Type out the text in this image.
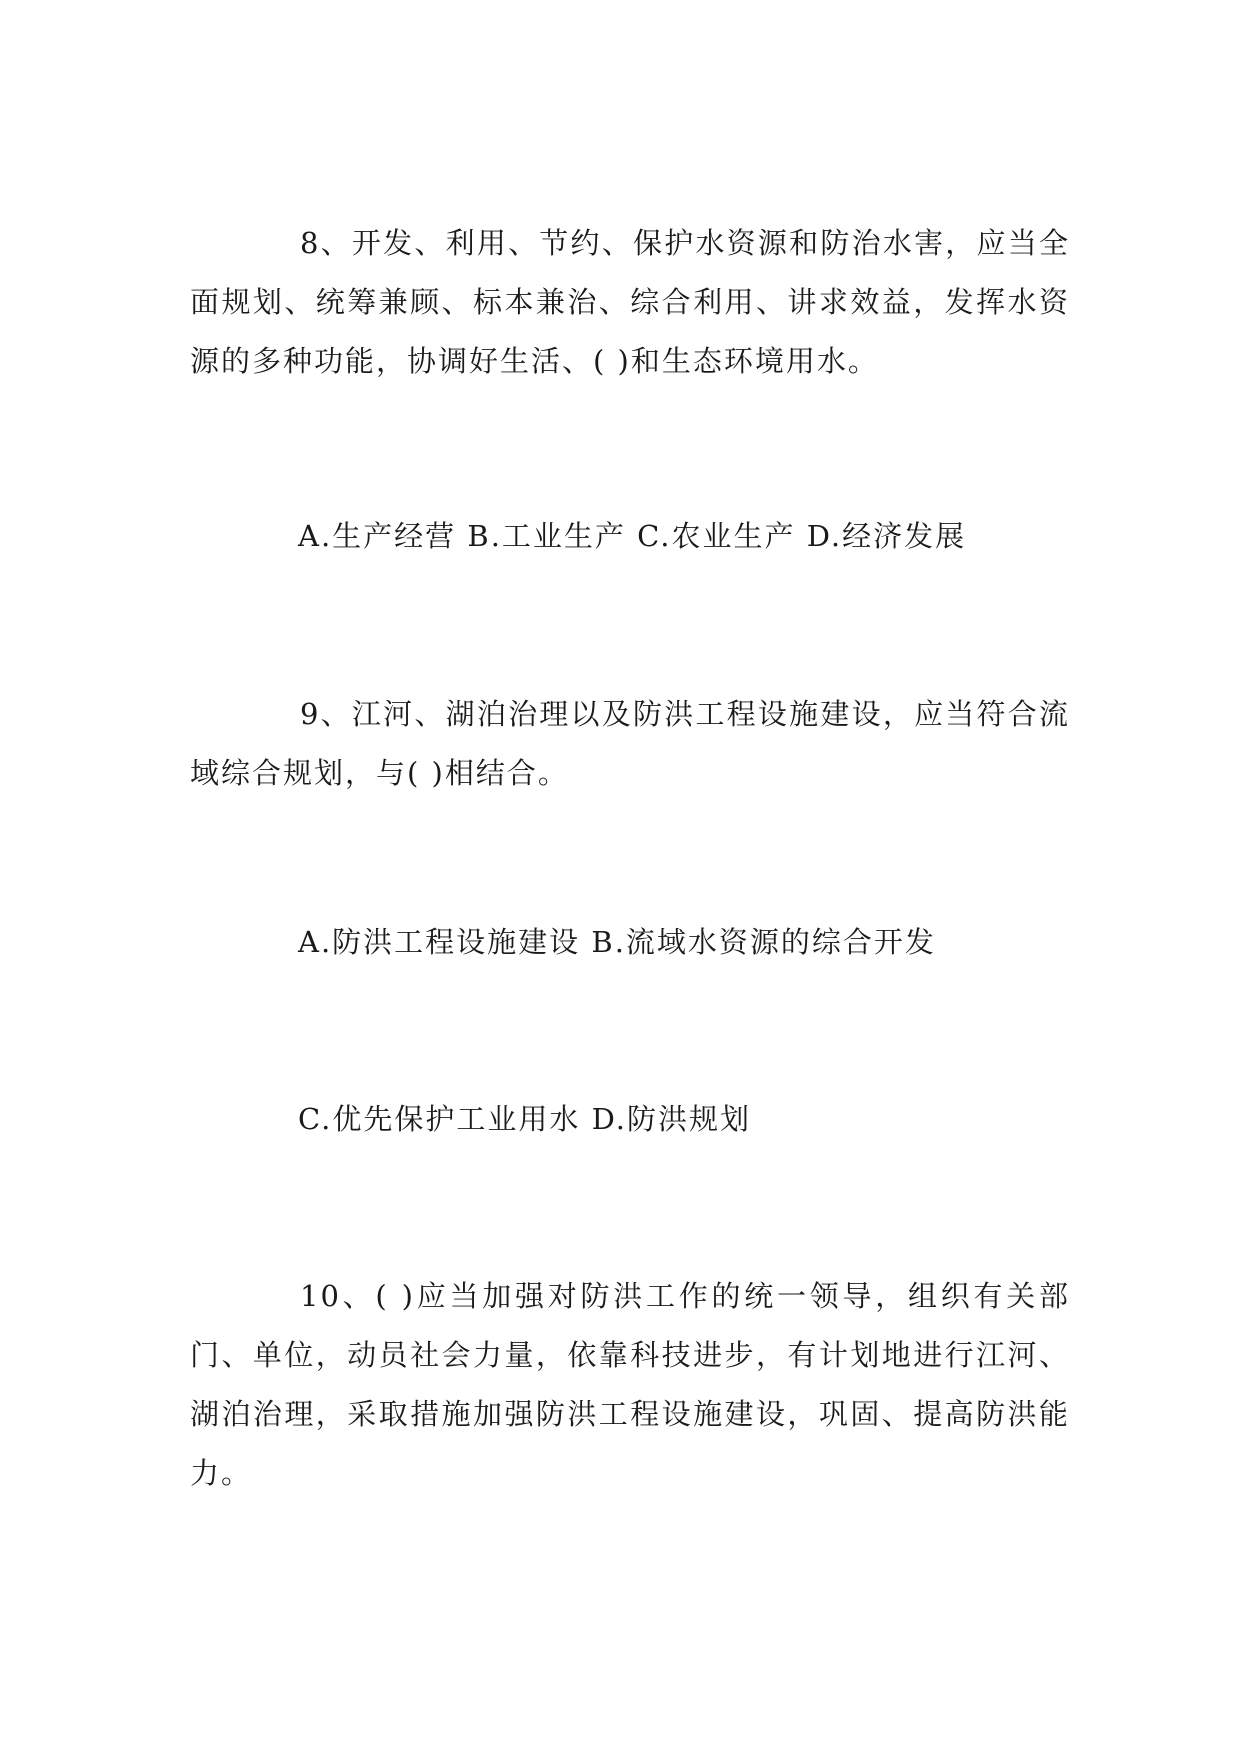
8、开发、利用、节约、保护水资源和防治水害，应当全面规划、统筹兼顾、标本兼治、综合利用、讲求效益，发挥水资源的多种功能，协调好生活、( )和生态环境用水。

A.生产经营 B.工业生产 C.农业生产 D.经济发展

9、江河、湖泊治理以及防洪工程设施建设，应当符合流域综合规划，与( )相结合。

A.防洪工程设施建设 B.流域水资源的综合开发

C.优先保护工业用水 D.防洪规划

10、( )应当加强对防洪工作的统一领导，组织有关部门、单位，动员社会力量，依靠科技进步，有计划地进行江河、湖泊治理，采取措施加强防洪工程设施建设，巩固、提高防洪能力。
